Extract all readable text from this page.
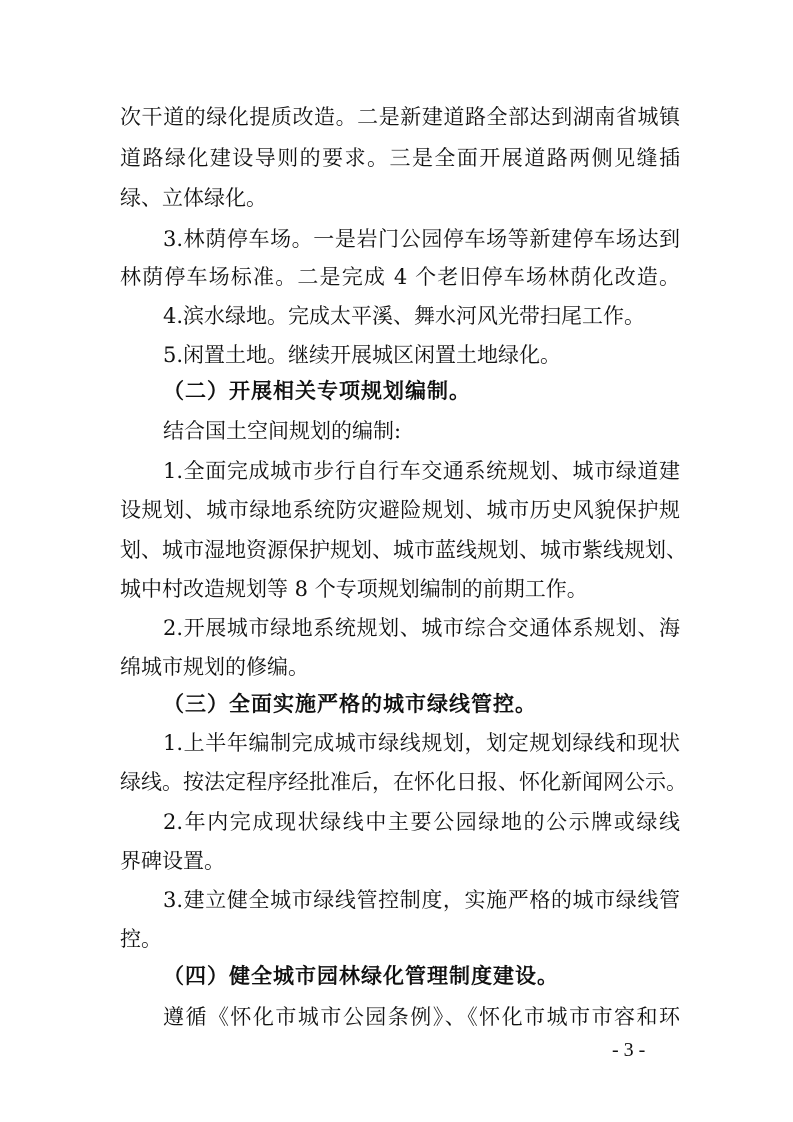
次干道的绿化提质改造。二是新建道路全部达到湖南省城镇
道路绿化建设导则的要求。三是全面开展道路两侧见缝插
绿、立体绿化。
3.林荫停车场。一是岩门公园停车场等新建停车场达到
林荫停车场标准。二是完成 4 个老旧停车场林荫化改造。
4.滨水绿地。完成太平溪、舞水河风光带扫尾工作。
5.闲置土地。继续开展城区闲置土地绿化。
（二）开展相关专项规划编制。
结合国土空间规划的编制:
1.全面完成城市步行自行车交通系统规划、城市绿道建
设规划、城市绿地系统防灾避险规划、城市历史风貌保护规
划、城市湿地资源保护规划、城市蓝线规划、城市紫线规划、
城中村改造规划等 8 个专项规划编制的前期工作。
2.开展城市绿地系统规划、城市综合交通体系规划、海
绵城市规划的修编。
（三）全面实施严格的城市绿线管控。
1.上半年编制完成城市绿线规划，划定规划绿线和现状
绿线。按法定程序经批准后，在怀化日报、怀化新闻网公示。
2.年内完成现状绿线中主要公园绿地的公示牌或绿线
界碑设置。
3.建立健全城市绿线管控制度，实施严格的城市绿线管
控。
（四）健全城市园林绿化管理制度建设。
遵循《怀化市城市公园条例》、《怀化市城市市容和环
- 3 -
